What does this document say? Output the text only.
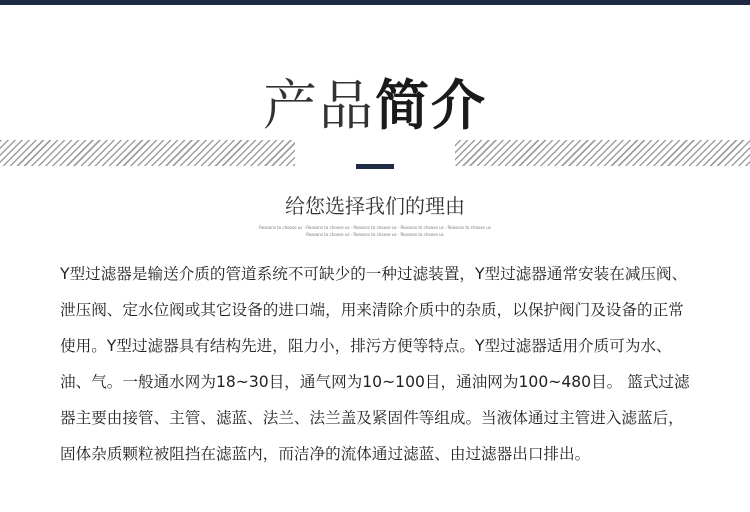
产品简介
给您选择我们的理由
Reasons to choose us · Reasons to choose us · Reasons to choose us · Reasons to choose us · Reasons to choose us
Reasons to choose us · Reasons to choose us · Reasons to choose us
Y型过滤器是输送介质的管道系统不可缺少的一种过滤装置，Y型过滤器通常安装在减压阀、泄压阀、定水位阀或其它设备的进口端，用来清除介质中的杂质，以保护阀门及设备的正常使用。Y型过滤器具有结构先进，阻力小，排污方便等特点。Y型过滤器适用介质可为水、油、气。一般通水网为18~30目，通气网为10~100目，通油网为100~480目。 篮式过滤器主要由接管、主管、滤蓝、法兰、法兰盖及紧固件等组成。当液体通过主管进入滤蓝后，固体杂质颗粒被阻挡在滤蓝内，而洁净的流体通过滤蓝、由过滤器出口排出。
